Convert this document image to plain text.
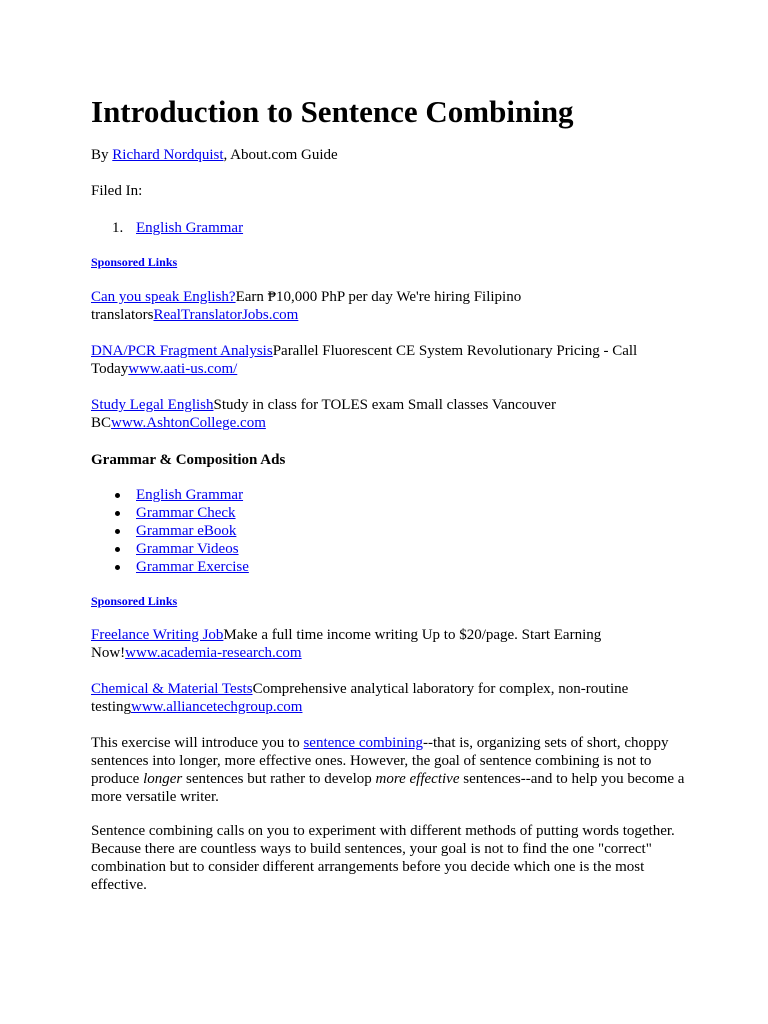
Introduction to Sentence Combining

By Richard Nordquist, About.com Guide

Filed In:

1. English Grammar

Sponsored Links

Can you speak English?Earn ₱10,000 PhP per day We're hiring Filipino translatorsRealTranslatorJobs.com

DNA/PCR Fragment AnalysisParallel Fluorescent CE System Revolutionary Pricing - Call Todaywww.aati-us.com/

Study Legal EnglishStudy in class for TOLES exam Small classes Vancouver BCwww.AshtonCollege.com

Grammar & Composition Ads

English Grammar
Grammar Check
Grammar eBook
Grammar Videos
Grammar Exercise

Sponsored Links

Freelance Writing JobMake a full time income writing Up to $20/page. Start Earning Now!www.academia-research.com

Chemical & Material TestsComprehensive analytical laboratory for complex, non-routine testingwww.alliancetechgroup.com

This exercise will introduce you to sentence combining--that is, organizing sets of short, choppy sentences into longer, more effective ones. However, the goal of sentence combining is not to produce longer sentences but rather to develop more effective sentences--and to help you become a more versatile writer.

Sentence combining calls on you to experiment with different methods of putting words together. Because there are countless ways to build sentences, your goal is not to find the one "correct" combination but to consider different arrangements before you decide which one is the most effective.
